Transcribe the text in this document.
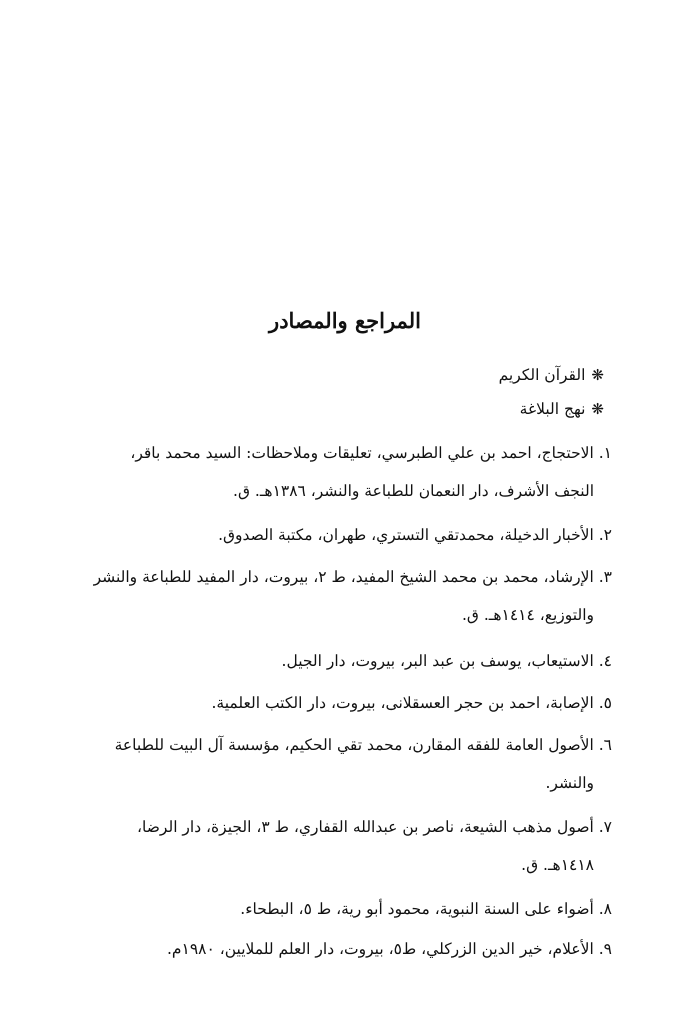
المراجع والمصادر
❋القرآن الكريم
❋نهج البلاغة
١. الاحتجاج، احمد بن علي الطبرسي، تعليقات وملاحظات: السيد محمد باقر،
النجف الأشرف، دار النعمان للطباعة والنشر، ١٣٨٦هـ. ق.
٢. الأخبار الدخيلة، محمدتقي التستري، طهران، مكتبة الصدوق.
٣. الإرشاد، محمد بن محمد الشيخ المفيد، ط ٢، بيروت، دار المفيد للطباعة والنشر
والتوزيع، ١٤١٤هـ. ق.
٤. الاستيعاب، يوسف بن عبد البر، بيروت، دار الجيل.
٥. الإصابة، احمد بن حجر العسقلانى، بيروت، دار الكتب العلمية.
٦. الأصول العامة للفقه المقارن، محمد تقي الحكيم، مؤسسة آل البيت للطباعة
والنشر.
٧. أصول مذهب الشيعة، ناصر بن عبدالله القفاري، ط ٣، الجيزة، دار الرضا،
١٤١٨هـ. ق.
٨. أضواء على السنة النبوية، محمود أبو رية، ط ٥، البطحاء.
٩. الأعلام، خير الدين الزركلي، ط٥، بيروت، دار العلم للملايين، ١٩٨٠م.
